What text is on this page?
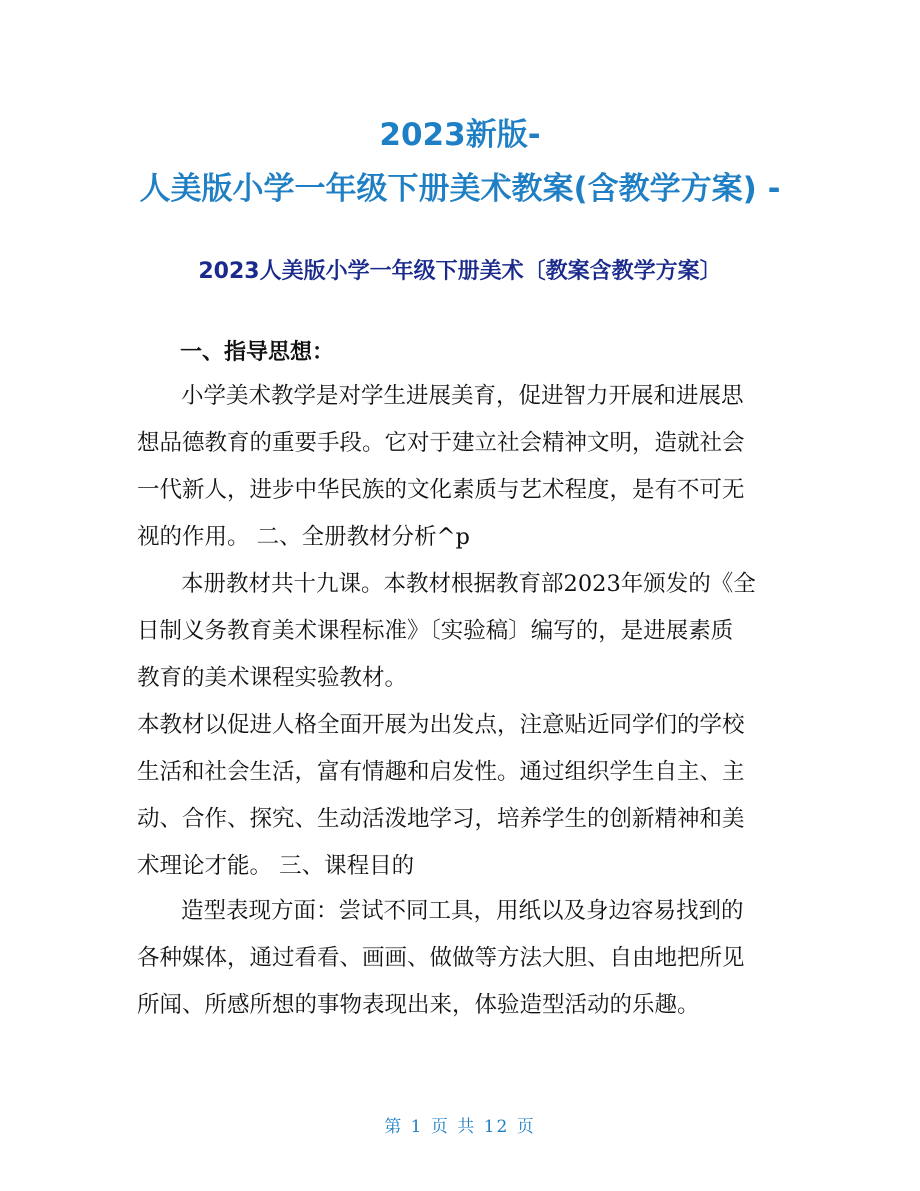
2023新版-
人美版小学一年级下册美术教案(含教学方案) -
2023人美版小学一年级下册美术〔教案含教学方案〕
一、指导思想：
小学美术教学是对学生进展美育，促进智力开展和进展思
想品德教育的重要手段。它对于建立社会精神文明，造就社会
一代新人，进步中华民族的文化素质与艺术程度，是有不可无
视的作用。 二、全册教材分析^p
本册教材共十九课。本教材根据教育部2023年颁发的《全
日制义务教育美术课程标准》〔实验稿〕编写的，是进展素质
教育的美术课程实验教材。
本教材以促进人格全面开展为出发点，注意贴近同学们的学校
生活和社会生活，富有情趣和启发性。通过组织学生自主、主
动、合作、探究、生动活泼地学习，培养学生的创新精神和美
术理论才能。 三、课程目的
造型表现方面：尝试不同工具，用纸以及身边容易找到的
各种媒体，通过看看、画画、做做等方法大胆、自由地把所见
所闻、所感所想的事物表现出来，体验造型活动的乐趣。
第 1 页 共 12 页
